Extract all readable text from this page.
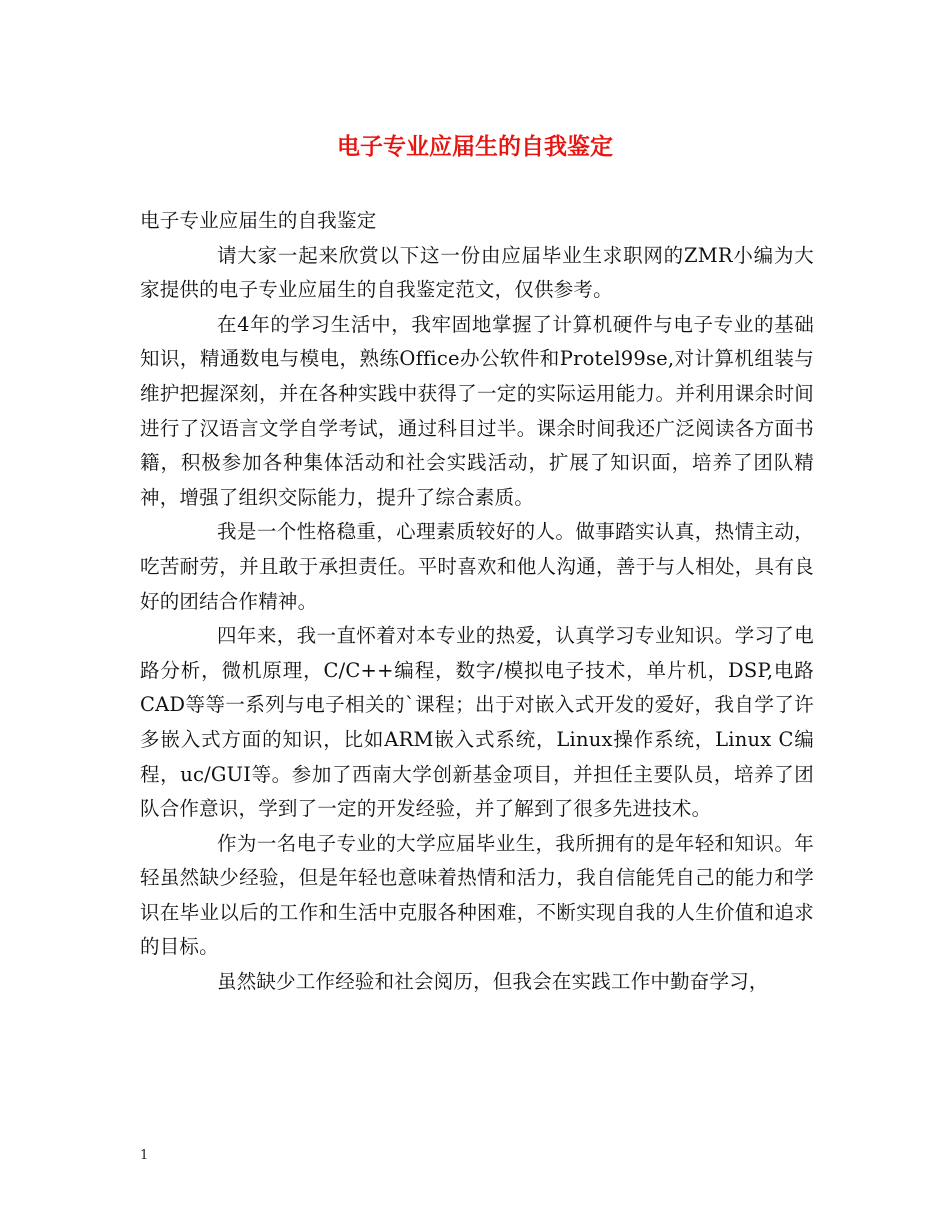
电子专业应届生的自我鉴定

电子专业应届生的自我鉴定

请大家一起来欣赏以下这一份由应届毕业生求职网的ZMR小编为大家提供的电子专业应届生的自我鉴定范文，仅供参考。

在4年的学习生活中，我牢固地掌握了计算机硬件与电子专业的基础知识，精通数电与模电，熟练Office办公软件和Protel99se,对计算机组装与维护把握深刻，并在各种实践中获得了一定的实际运用能力。并利用课余时间进行了汉语言文学自学考试，通过科目过半。课余时间我还广泛阅读各方面书籍，积极参加各种集体活动和社会实践活动，扩展了知识面，培养了团队精神，增强了组织交际能力，提升了综合素质。

我是一个性格稳重，心理素质较好的人。做事踏实认真，热情主动，吃苦耐劳，并且敢于承担责任。平时喜欢和他人沟通，善于与人相处，具有良好的团结合作精神。

四年来，我一直怀着对本专业的热爱，认真学习专业知识。学习了电路分析，微机原理，C/C++编程，数字/模拟电子技术，单片机，DSP,电路CAD等等一系列与电子相关的`课程；出于对嵌入式开发的爱好，我自学了许多嵌入式方面的知识，比如ARM嵌入式系统，Linux操作系统，Linux C编程，uc/GUI等。参加了西南大学创新基金项目，并担任主要队员，培养了团队合作意识，学到了一定的开发经验，并了解到了很多先进技术。

作为一名电子专业的大学应届毕业生，我所拥有的是年轻和知识。年轻虽然缺少经验，但是年轻也意味着热情和活力，我自信能凭自己的能力和学识在毕业以后的工作和生活中克服各种困难，不断实现自我的人生价值和追求的目标。

虽然缺少工作经验和社会阅历，但我会在实践工作中勤奋学习，

1
